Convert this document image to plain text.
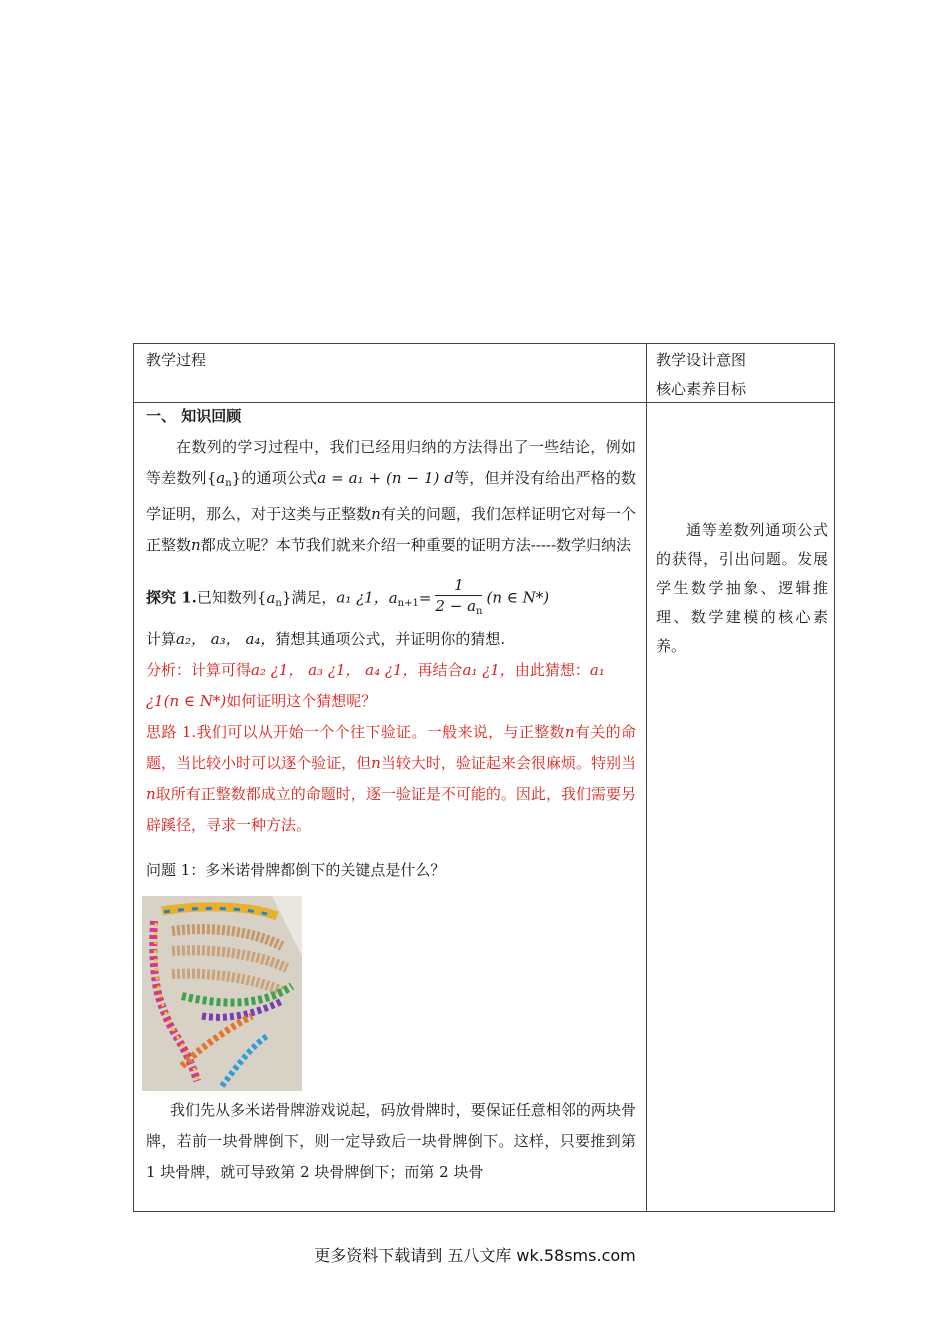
教学过程	教学设计意图
核心素养目标

一、 知识回顾

在数列的学习过程中，我们已经用归纳的方法得出了一些结论，例如等差数列$\{a_n\}$的通项公式a = a₁ + (n − 1) d等，但并没有给出严格的数学证明，那么，对于这类与正整数n有关的问题，我们怎样证明它对每一个正整数n都成立呢？本节我们就来介绍一种重要的证明方法-----数学归纳法

探究 1.已知数列$\{a_n\}$满足，a₁ ¿1，$a_{n+1}= \frac{1}{2 - a_n} (n$ ∈ N*)

计算a₂， a₃， a₄，猜想其通项公式，并证明你的猜想.

分析：计算可得a₂ ¿1， a₃ ¿1， a₄ ¿1，再结合a₁ ¿1，由此猜想：a₁ ¿1(n ∈ N*)如何证明这个猜想呢？

思路 1.我们可以从开始一个个往下验证。一般来说，与正整数n有关的命题，当比较小时可以逐个验证，但n当较大时，验证起来会很麻烦。特别当n取所有正整数都成立的命题时，逐一验证是不可能的。因此，我们需要另辟蹊径，寻求一种方法。

问题 1：多米诺骨牌都倒下的关键点是什么？

我们先从多米诺骨牌游戏说起，码放骨牌时，要保证任意相邻的两块骨牌，若前一块骨牌倒下，则一定导致后一块骨牌倒下。这样，只要推到第 1 块骨牌，就可导致第 2 块骨牌倒下；而第 2 块骨

通等差数列通项公式的获得，引出问题。发展学生数学抽象、逻辑推理、数学建模的核心素养。

更多资料下载请到 五八文库 wk.58sms.com
